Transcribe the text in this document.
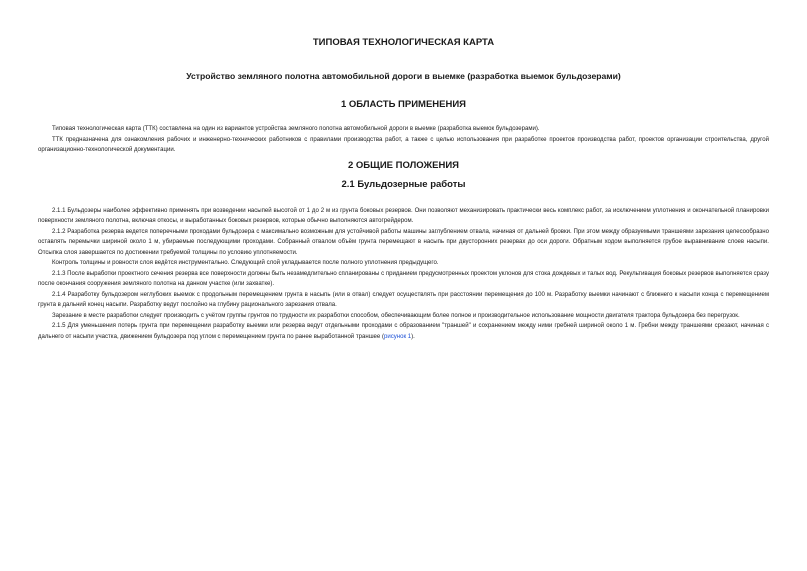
ТИПОВАЯ ТЕХНОЛОГИЧЕСКАЯ КАРТА

Устройство земляного полотна автомобильной дороги в выемке (разработка выемок бульдозерами)

1 ОБЛАСТЬ ПРИМЕНЕНИЯ

Типовая технологическая карта (ТТК) составлена на один из вариантов устройства земляного полотна автомобильной дороги в выемке (разработка выемок бульдозерами).

ТТК предназначена для ознакомления рабочих и инженерно-технических работников с правилами производства работ, а также с целью использования при разработке проектов производства работ, проектов организации строительства, другой организационно-технологической документации.

2 ОБЩИЕ ПОЛОЖЕНИЯ

2.1 Бульдозерные работы

2.1.1 Бульдозеры наиболее эффективно применять при возведении насыпей высотой от 1 до 2 м из грунта боковых резервов. Они позволяют механизировать практически весь комплекс работ, за исключением уплотнения и окончательной планировки поверхности земляного полотна, включая откосы, и выработанных боковых резервов, которые обычно выполняются автогрейдером.

2.1.2 Разработка резерва ведется поперечными проходами бульдозера с максимально возможным для устойчивой работы машины заглублением отвала, начиная от дальней бровки. При этом между образуемыми траншеями зарезания целесообразно оставлять перемычки шириной около 1 м, убираемые последующими проходами. Собранный отвалом объём грунта перемещают в насыпь при двусторонних резервах до оси дороги. Обратным ходом выполняется грубое выравнивание слоев насыпи. Отсыпка слоя завершается по достижении требуемой толщины по условию уплотняемости.

Контроль толщины и ровности слоя ведётся инструментально. Следующий слой укладывается после полного уплотнения предыдущего.

2.1.3 После выработки проектного сечения резерва все поверхности должны быть незамедлительно спланированы с приданием предусмотренных проектом уклонов для стока дождевых и талых вод. Рекультивация боковых резервов выполняется сразу после окончания сооружения земляного полотна на данном участке (или захватке).

2.1.4 Разработку бульдозером неглубоких выемок с продольным перемещением грунта в насыпь (или в отвал) следует осуществлять при расстоянии перемещения до 100 м. Разработку выемки начинают с ближнего к насыпи конца с перемещением грунта в дальний конец насыпи. Разработку ведут послойно на глубину рационального зарезания отвала.

Зарезание в месте разработки следует производить с учётом группы грунтов по трудности их разработки способом, обеспечивающим более полное и производительное использование мощности двигателя трактора бульдозера без перегрузок.

2.1.5 Для уменьшения потерь грунта при перемещении разработку выемки или резерва ведут отдельными проходами с образованием "траншей" и сохранением между ними гребней шириной около 1 м. Гребни между траншеями срезают, начиная с дальнего от насыпи участка, движением бульдозера под углом с перемещением грунта по ранее выработанной траншее (рисунок 1).
